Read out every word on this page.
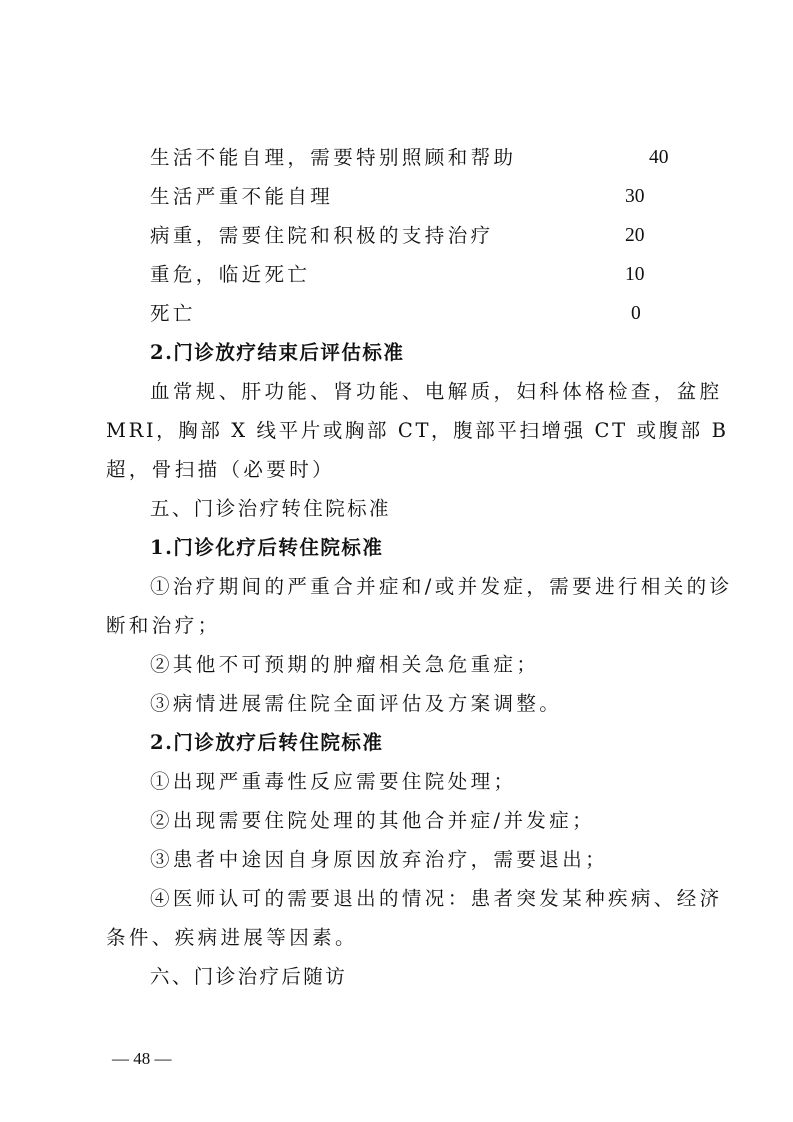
生活不能自理，需要特别照顾和帮助	40
生活严重不能自理	30
病重，需要住院和积极的支持治疗	20
重危，临近死亡	10
死亡	0
2.门诊放疗结束后评估标准
血常规、肝功能、肾功能、电解质，妇科体格检查，盆腔
MRI，胸部 X 线平片或胸部 CT，腹部平扫增强 CT 或腹部 B
超，骨扫描（必要时）
五、门诊治疗转住院标准
1.门诊化疗后转住院标准
①治疗期间的严重合并症和/或并发症，需要进行相关的诊
断和治疗；
②其他不可预期的肿瘤相关急危重症；
③病情进展需住院全面评估及方案调整。
2.门诊放疗后转住院标准
①出现严重毒性反应需要住院处理；
②出现需要住院处理的其他合并症/并发症；
③患者中途因自身原因放弃治疗，需要退出；
④医师认可的需要退出的情况：患者突发某种疾病、经济
条件、疾病进展等因素。
六、门诊治疗后随访
— 48 —
